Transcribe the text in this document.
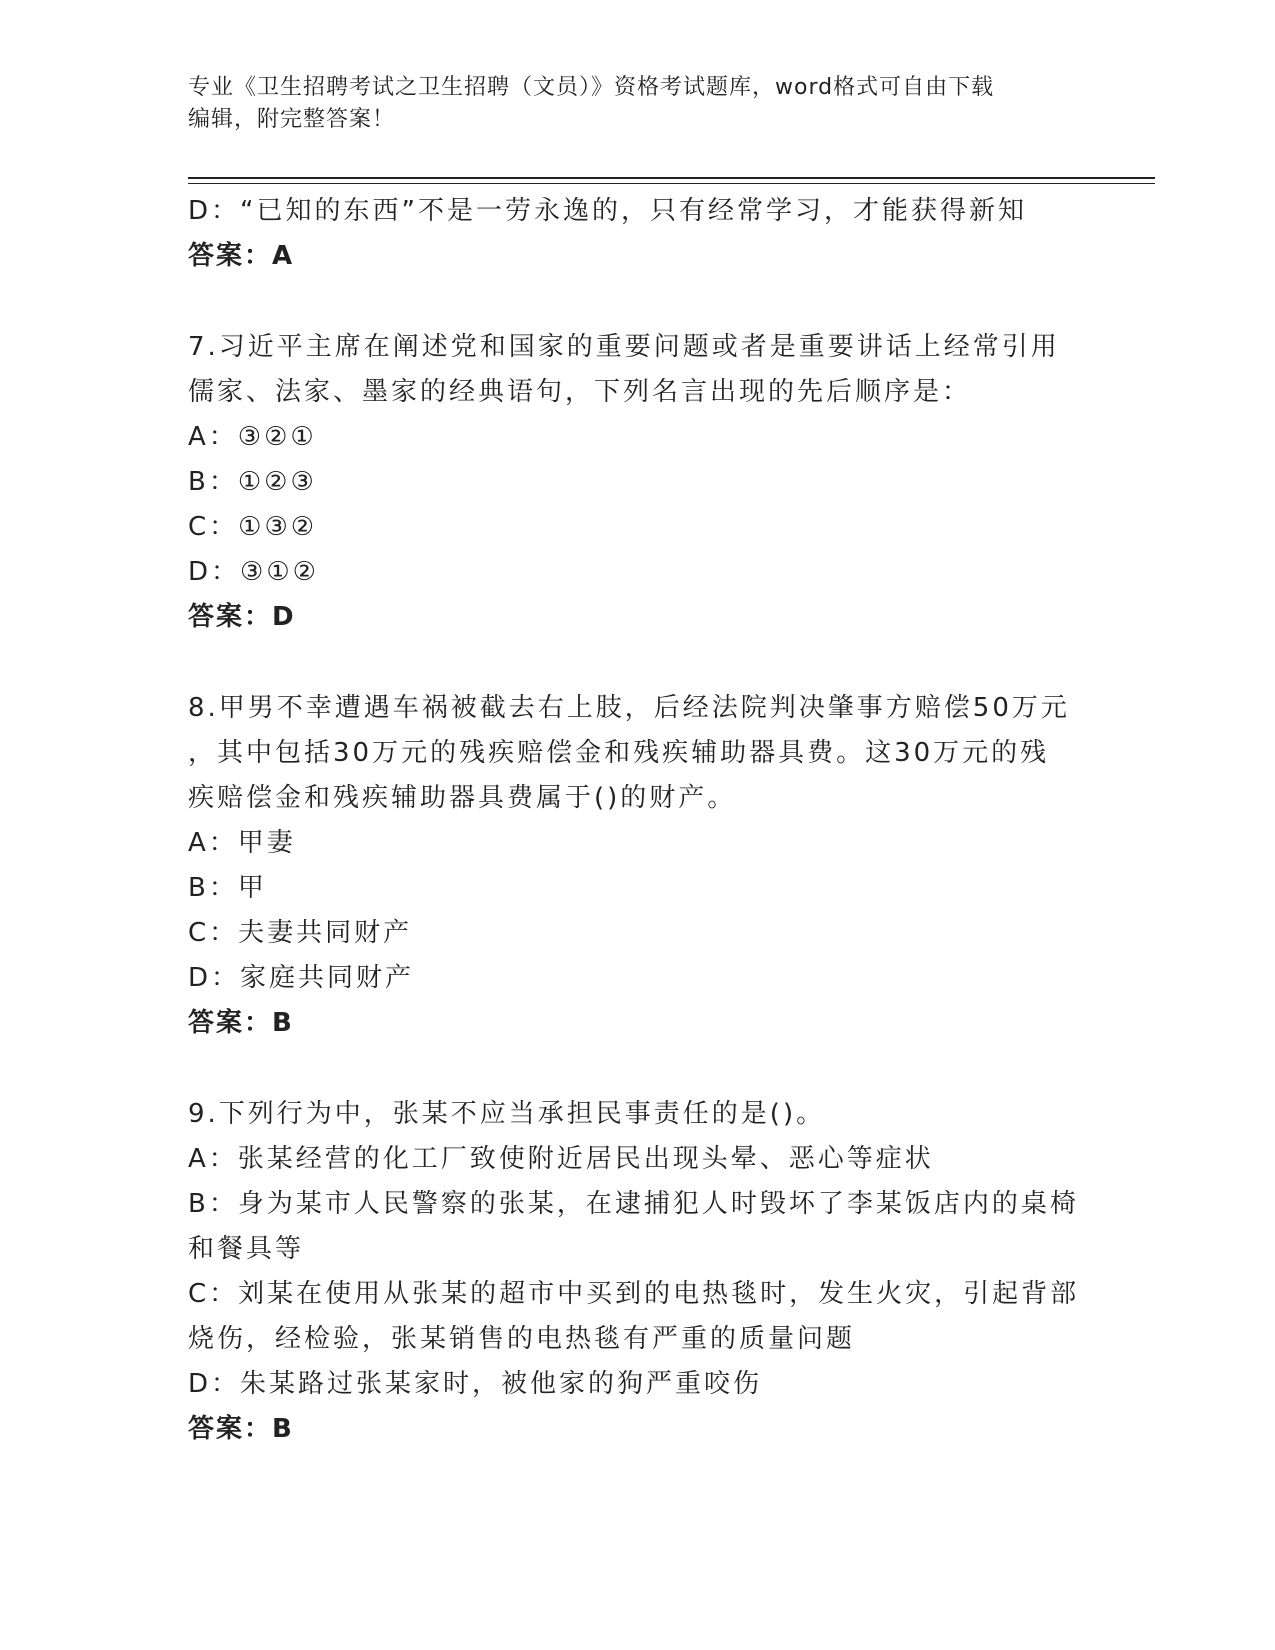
专业《卫生招聘考试之卫生招聘（文员）》资格考试题库，word格式可自由下载
编辑，附完整答案！
D：“已知的东西”不是一劳永逸的，只有经常学习，才能获得新知
答案：A
7.习近平主席在阐述党和国家的重要问题或者是重要讲话上经常引用
儒家、法家、墨家的经典语句，下列名言出现的先后顺序是：
A：③②①
B：①②③
C：①③②
D：③①②
答案：D
8.甲男不幸遭遇车祸被截去右上肢，后经法院判决肇事方赔偿50万元
，其中包括30万元的残疾赔偿金和残疾辅助器具费。这30万元的残
疾赔偿金和残疾辅助器具费属于()的财产。
A：甲妻
B：甲
C：夫妻共同财产
D：家庭共同财产
答案：B
9.下列行为中，张某不应当承担民事责任的是()。
A：张某经营的化工厂致使附近居民出现头晕、恶心等症状
B：身为某市人民警察的张某，在逮捕犯人时毁坏了李某饭店内的桌椅
和餐具等
C：刘某在使用从张某的超市中买到的电热毯时，发生火灾，引起背部
烧伤，经检验，张某销售的电热毯有严重的质量问题
D：朱某路过张某家时，被他家的狗严重咬伤
答案：B
